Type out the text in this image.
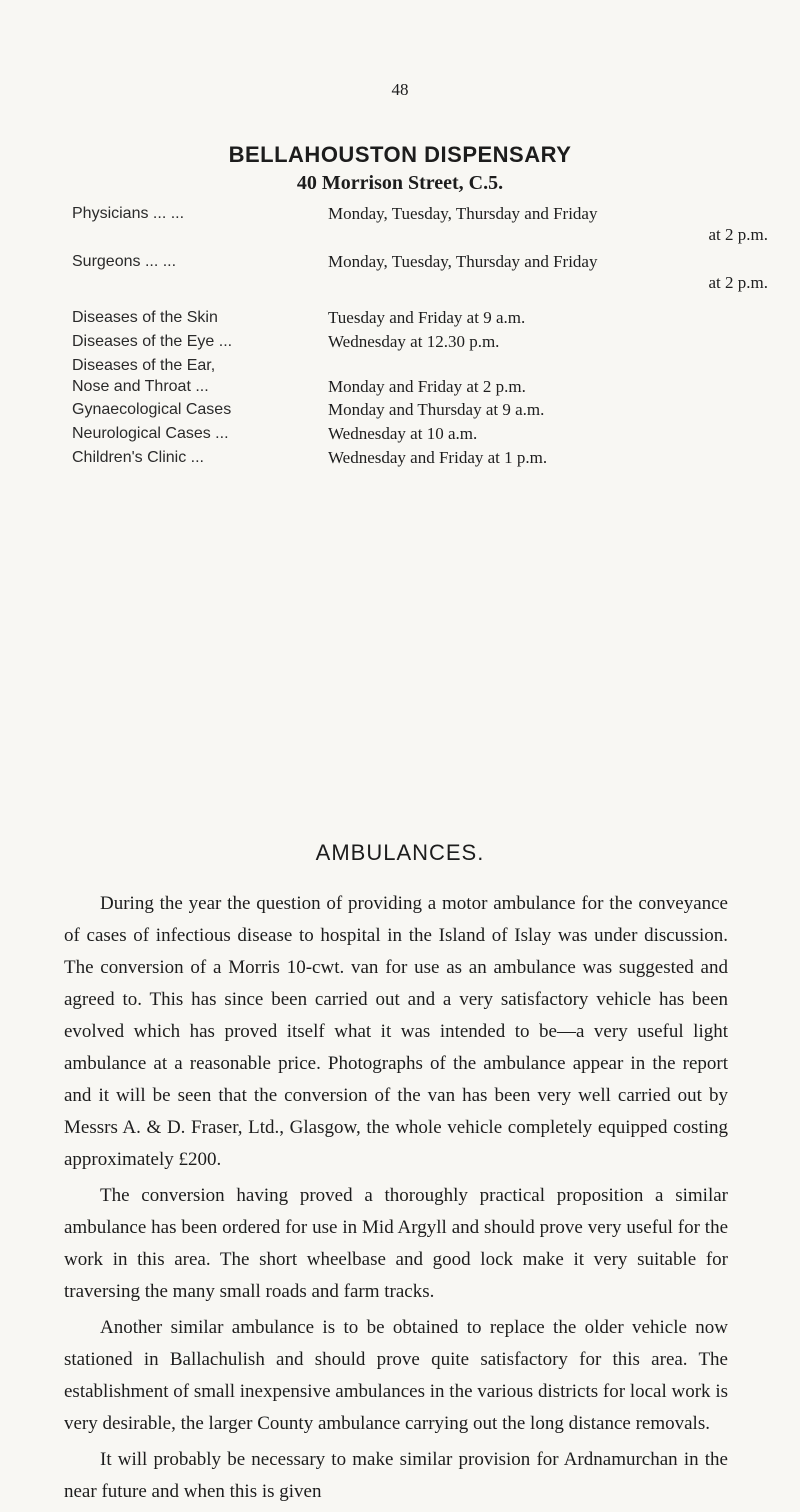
48
BELLAHOUSTON DISPENSARY
40 Morrison Street, C.5.
Physicians ... ...	Monday, Tuesday, Thursday and Friday
at 2 p.m.
Surgeons ... ...	Monday, Tuesday, Thursday and Friday
at 2 p.m.
Diseases of the Skin	Tuesday and Friday at 9 a.m.
Diseases of the Eye ...	Wednesday at 12.30 p.m.
Diseases of the Ear,
Nose and Throat ...	Monday and Friday at 2 p.m.
Gynaecological Cases	Monday and Thursday at 9 a.m.
Neurological Cases ...	Wednesday at 10 a.m.
Children's Clinic ...	Wednesday and Friday at 1 p.m.
AMBULANCES.

During the year the question of providing a motor ambulance for the conveyance of cases of infectious disease to hospital in the Island of Islay was under discussion. The conversion of a Morris 10-cwt. van for use as an ambulance was suggested and agreed to. This has since been carried out and a very satisfactory vehicle has been evolved which has proved itself what it was intended to be—a very useful light ambulance at a reasonable price. Photographs of the ambulance appear in the report and it will be seen that the conversion of the van has been very well carried out by Messrs A. & D. Fraser, Ltd., Glasgow, the whole vehicle completely equipped costing approximately £200.

The conversion having proved a thoroughly practical proposition a similar ambulance has been ordered for use in Mid Argyll and should prove very useful for the work in this area. The short wheelbase and good lock make it very suitable for traversing the many small roads and farm tracks.

Another similar ambulance is to be obtained to replace the older vehicle now stationed in Ballachulish and should prove quite satisfactory for this area. The establishment of small inexpensive ambulances in the various districts for local work is very desirable, the larger County ambulance carrying out the long distance removals.

It will probably be necessary to make similar provision for Ardnamurchan in the near future and when this is given
